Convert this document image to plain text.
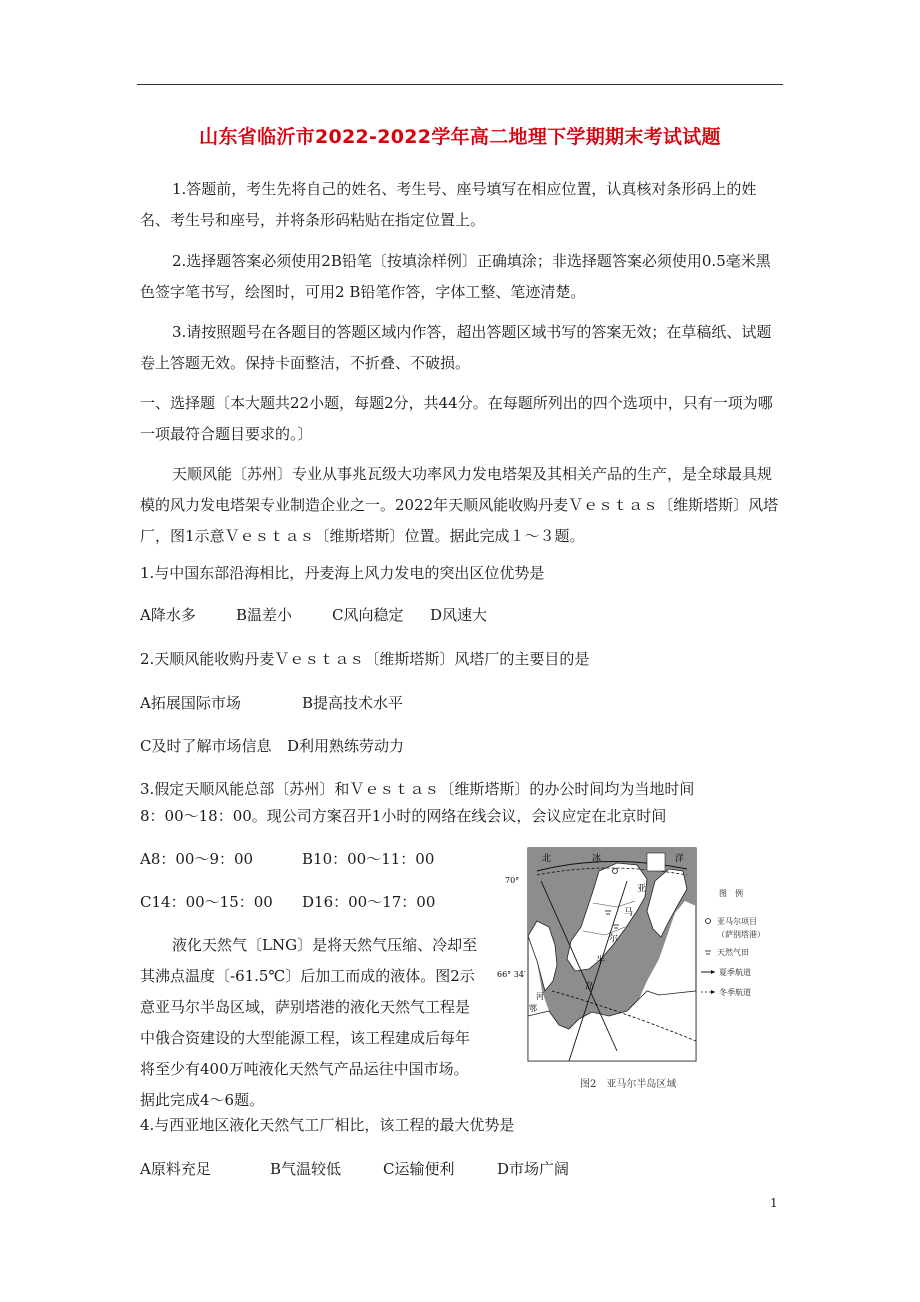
山东省临沂市2022-2022学年高二地理下学期期末考试试题

1.答题前，考生先将自己的姓名、考生号、座号填写在相应位置，认真核对条形码上的姓名、考生号和座号，并将条形码粘贴在指定位置上。

2.选择题答案必须使用2B铅笔〔按填涂样例〕正确填涂；非选择题答案必须使用0.5毫米黑色签字笔书写，绘图时，可用2 B铅笔作答，字体工整、笔迹清楚。

3.请按照题号在各题目的答题区域内作答，超出答题区域书写的答案无效；在草稿纸、试题卷上答题无效。保持卡面整洁，不折叠、不破损。

一、选择题〔本大题共22小题，每题2分，共44分。在每题所列出的四个选项中，只有一项为哪一项最符合题目要求的。〕

天顺风能〔苏州〕专业从事兆瓦级大功率风力发电塔架及其相关产品的生产，是全球最具规模的风力发电塔架专业制造企业之一。2022年天顺风能收购丹麦Ｖｅｓｔａｓ〔维斯塔斯〕风塔厂，图1示意Ｖｅｓｔａｓ〔维斯塔斯〕位置。据此完成１～３题。

1.与中国东部沿海相比，丹麦海上风力发电的突出区位优势是
A降水多	B温差小	C风向稳定 D风速大
2.天顺风能收购丹麦Ｖｅｓｔａｓ〔维斯塔斯〕风塔厂的主要目的是
A拓展国际市场	B提高技术水平
C及时了解市场信息 D利用熟练劳动力
3.假定天顺风能总部〔苏州〕和Ｖｅｓｔａｓ〔维斯塔斯〕的办公时间均为当地时间
8：00～18：00。现公司方案召开1小时的网络在线会议，会议应定在北京时间
A8：00～9：00	B10：00～11：00
C14：00～15：00 D16：00～17：00

液化天然气〔LNG〕是将天然气压缩、冷却至其沸点温度〔-61.5℃〕后加工而成的液体。图2示意亚马尔半岛区域，萨别塔港的液化天然气工程是中俄合资建设的大型能源工程，该工程建成后每年将至少有400万吨液化天然气产品运往中国市场。据此完成4～6题。

北	冰	洋
亚
马
尔
半
岛
河
鄂
70°
66° 34′
图　例
亚马尔项目
（萨别塔港）
天然气田
夏季航道
冬季航道
图2　亚马尔半岛区域
4.与西亚地区液化天然气工厂相比，该工程的最大优势是
A原料充足	B气温较低	C运输便利	D市场广阔
1
